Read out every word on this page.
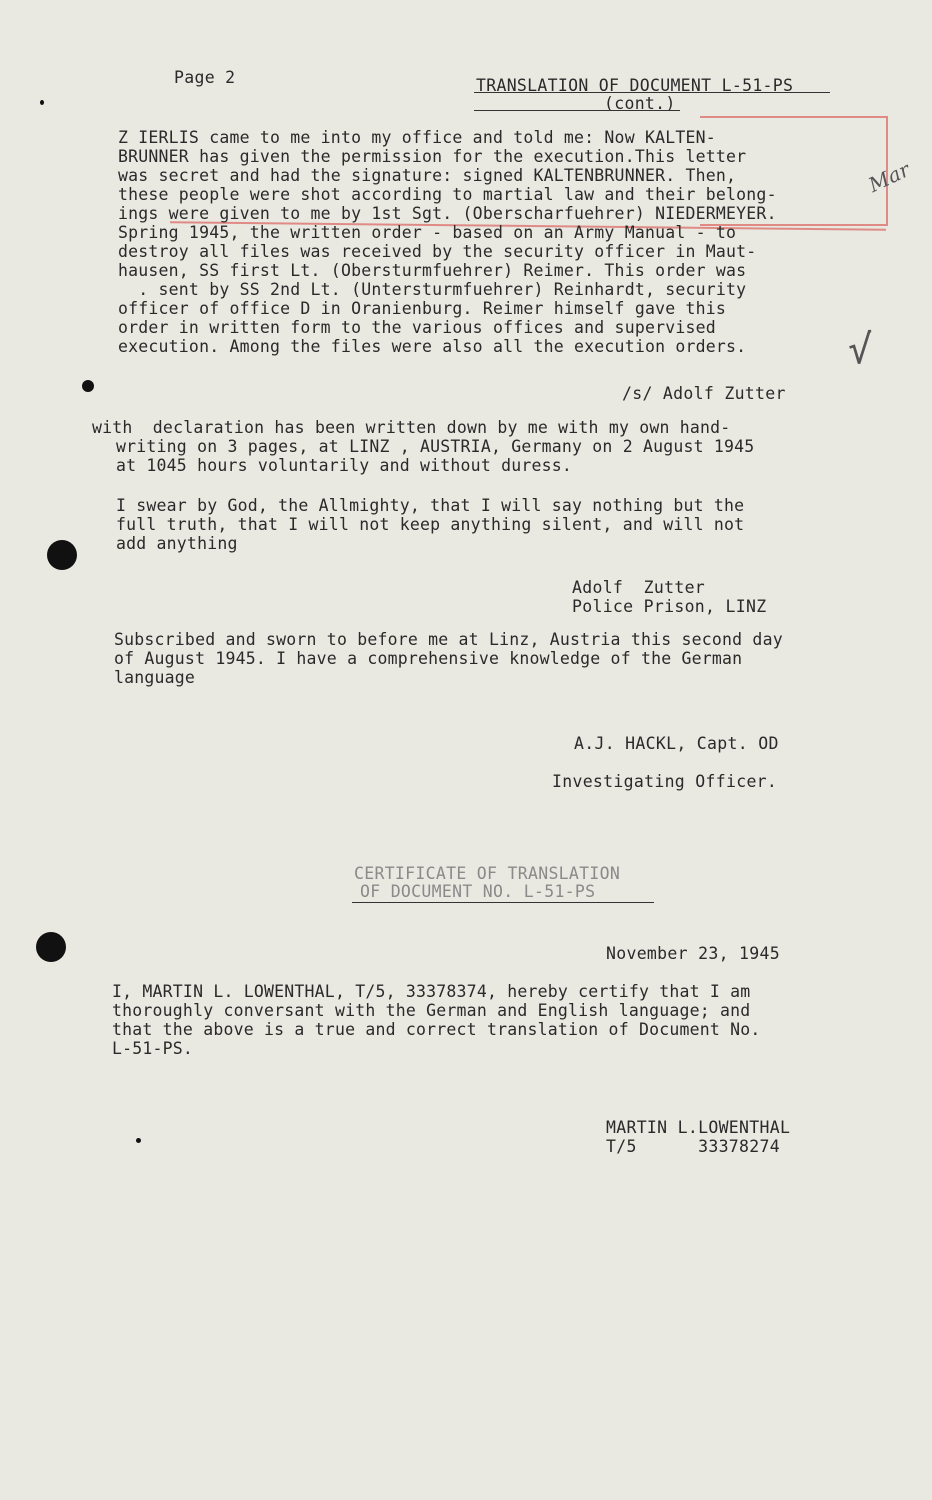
Page 2	TRANSLATION OF DOCUMENT L-51-PS
(cont.)
Mar
√
Z IERLIS came to me into my office and told me: Now KALTEN-
BRUNNER has given the permission for the execution.This letter
was secret and had the signature: signed KALTENBRUNNER. Then,
these people were shot according to martial law and their belong-
ings were given to me by 1st Sgt. (Oberscharfuehrer) NIEDERMEYER.
Spring 1945, the written order - based on an Army Manual - to
destroy all files was received by the security officer in Maut-
hausen, SS first Lt. (Obersturmfuehrer) Reimer. This order was
. sent by SS 2nd Lt. (Untersturmfuehrer) Reinhardt, security
officer of office D in Oranienburg. Reimer himself gave this
order in written form to the various offices and supervised
execution. Among the files were also all the execution orders.
/s/ Adolf Zutter
with  declaration has been written down by me with my own hand-
writing on 3 pages, at LINZ , AUSTRIA, Germany on 2 August 1945
at 1045 hours voluntarily and without duress.
I swear by God, the Allmighty, that I will say nothing but the
full truth, that I will not keep anything silent, and will not
add anything
Adolf  Zutter
Police Prison, LINZ
Subscribed and sworn to before me at Linz, Austria this second day
of August 1945. I have a comprehensive knowledge of the German
language
A.J. HACKL, Capt. OD
Investigating Officer.
CERTIFICATE OF TRANSLATION
OF DOCUMENT NO. L-51-PS
November 23, 1945
I, MARTIN L. LOWENTHAL, T/5, 33378374, hereby certify that I am
thoroughly conversant with the German and English language; and
that the above is a true and correct translation of Document No.
L-51-PS.
MARTIN L.LOWENTHAL
T/5      33378274
